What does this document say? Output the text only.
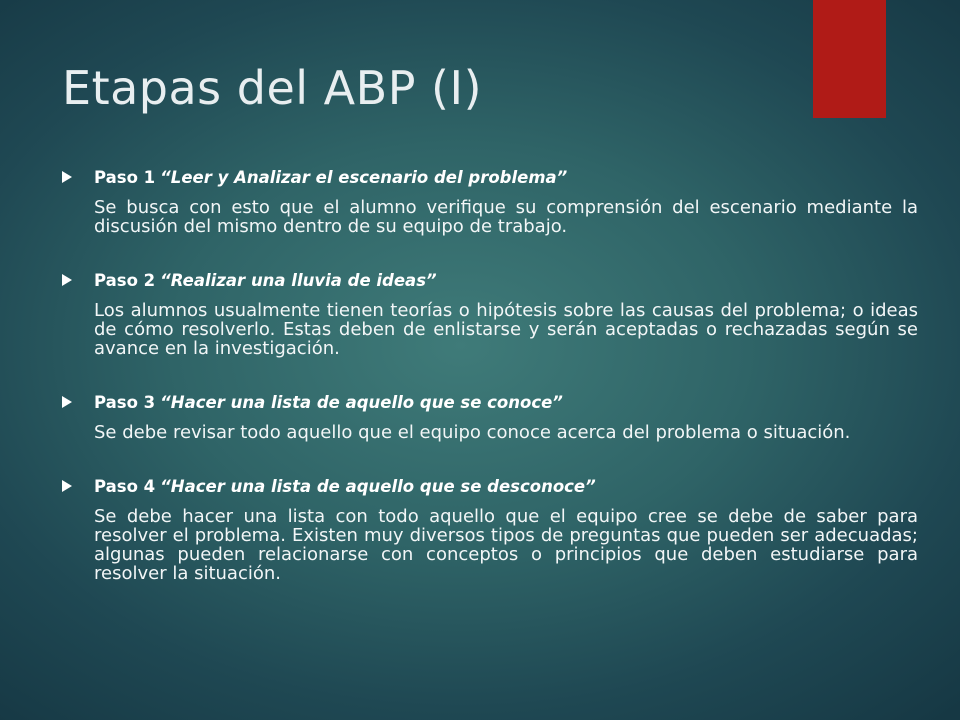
Etapas del ABP (I)
Paso 1 “Leer y Analizar el escenario del problema”

Se busca con esto que el alumno verifique su comprensión del escenario mediante la discusión del mismo dentro de su equipo de trabajo.

Paso 2 “Realizar una lluvia de ideas”

Los alumnos usualmente tienen teorías o hipótesis sobre las causas del problema; o ideas de cómo resolverlo. Estas deben de enlistarse y serán aceptadas o rechazadas según se avance en la investigación.

Paso 3 “Hacer una lista de aquello que se conoce”

Se debe revisar todo aquello que el equipo conoce acerca del problema o situación.

Paso 4 “Hacer una lista de aquello que se desconoce”

Se debe hacer una lista con todo aquello que el equipo cree se debe de saber para resolver el problema. Existen muy diversos tipos de preguntas que pueden ser adecuadas; algunas pueden relacionarse con conceptos o principios que deben estudiarse para resolver la situación.
